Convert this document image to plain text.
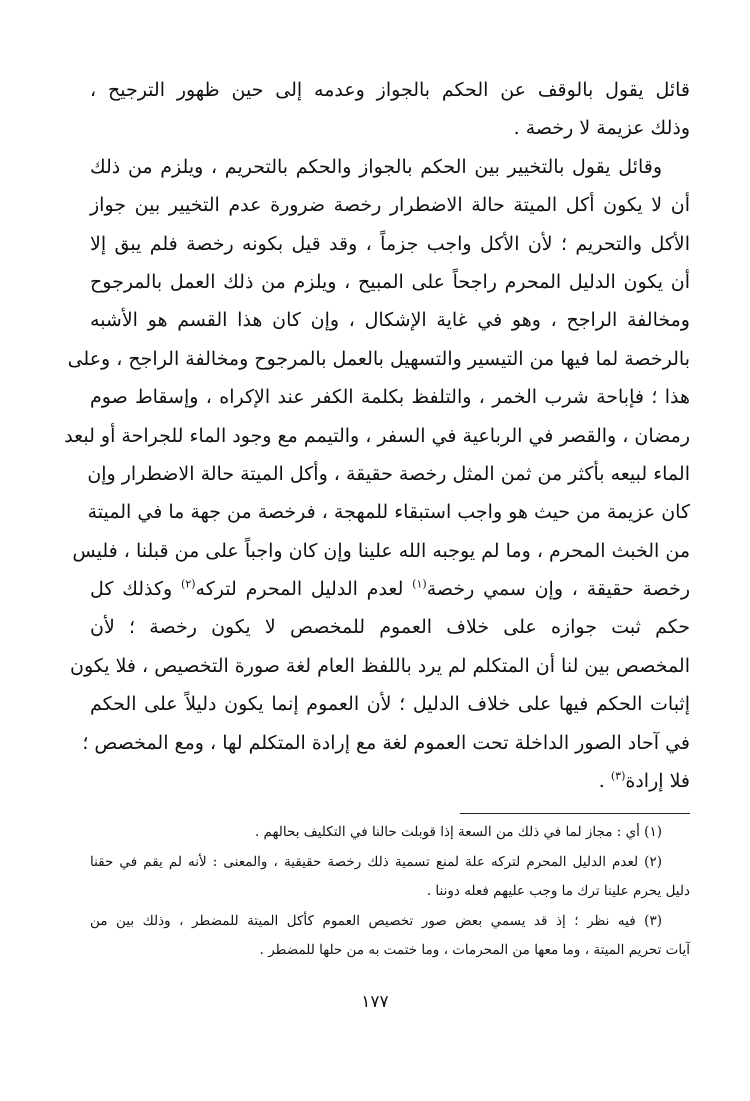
قائل يقول بالوقف عن الحكم بالجواز وعدمه إلى حين ظهور الترجيح ،
وذلك عزيمة لا رخصة .
وقائل يقول بالتخيير بين الحكم بالجواز والحكم بالتحريم ، ويلزم من ذلك
أن لا يكون أكل الميتة حالة الاضطرار رخصة ضرورة عدم التخيير بين جواز
الأكل والتحريم ؛ لأن الأكل واجب جزماً ، وقد قيل بكونه رخصة فلم يبق إلا
أن يكون الدليل المحرم راجحاً على المبيح ، ويلزم من ذلك العمل بالمرجوح
ومخالفة الراجح ، وهو في غاية الإشكال ، وإن كان هذا القسم هو الأشبه
بالرخصة لما فيها من التيسير والتسهيل بالعمل بالمرجوح ومخالفة الراجح ، وعلى
هذا ؛ فإباحة شرب الخمر ، والتلفظ بكلمة الكفر عند الإكراه ، وإسقاط صوم
رمضان ، والقصر في الرباعية في السفر ، والتيمم مع وجود الماء للجراحة أو لبعد
الماء لبيعه بأكثر من ثمن المثل رخصة حقيقة ، وأكل الميتة حالة الاضطرار وإن
كان عزيمة من حيث هو واجب استبقاء للمهجة ، فرخصة من جهة ما في الميتة
من الخبث المحرم ، وما لم يوجبه الله علينا وإن كان واجباً على من قبلنا ، فليس
رخصة حقيقة ، وإن سمي رخصة$^{(١)}$ لعدم الدليل المحرم لتركه$^{(٢)}$ وكذلك كل
حكم ثبت جوازه على خلاف العموم للمخصص لا يكون رخصة ؛ لأن
المخصص بين لنا أن المتكلم لم يرد باللفظ العام لغة صورة التخصيص ، فلا يكون
إثبات الحكم فيها على خلاف الدليل ؛ لأن العموم إنما يكون دليلاً على الحكم
في آحاد الصور الداخلة تحت العموم لغة مع إرادة المتكلم لها ، ومع المخصص ؛
فلا إرادة$^{(٣)}$ .
(١) أي : مجاز لما في ذلك من السعة إذا قوبلت حالنا في التكليف بحالهم .
(٢) لعدم الدليل المحرم لتركه علة لمنع تسمية ذلك رخصة حقيقية ، والمعنى : لأنه لم يقم في حقنا
دليل يحرم علينا ترك ما وجب عليهم فعله دوننا .
(٣) فيه نظر ؛ إذ قد يسمي بعض صور تخصيص العموم كأكل الميتة للمضطر ، وذلك بين من
آيات تحريم الميتة ، وما معها من المحرمات ، وما ختمت به من حلها للمضطر .
١٧٧
